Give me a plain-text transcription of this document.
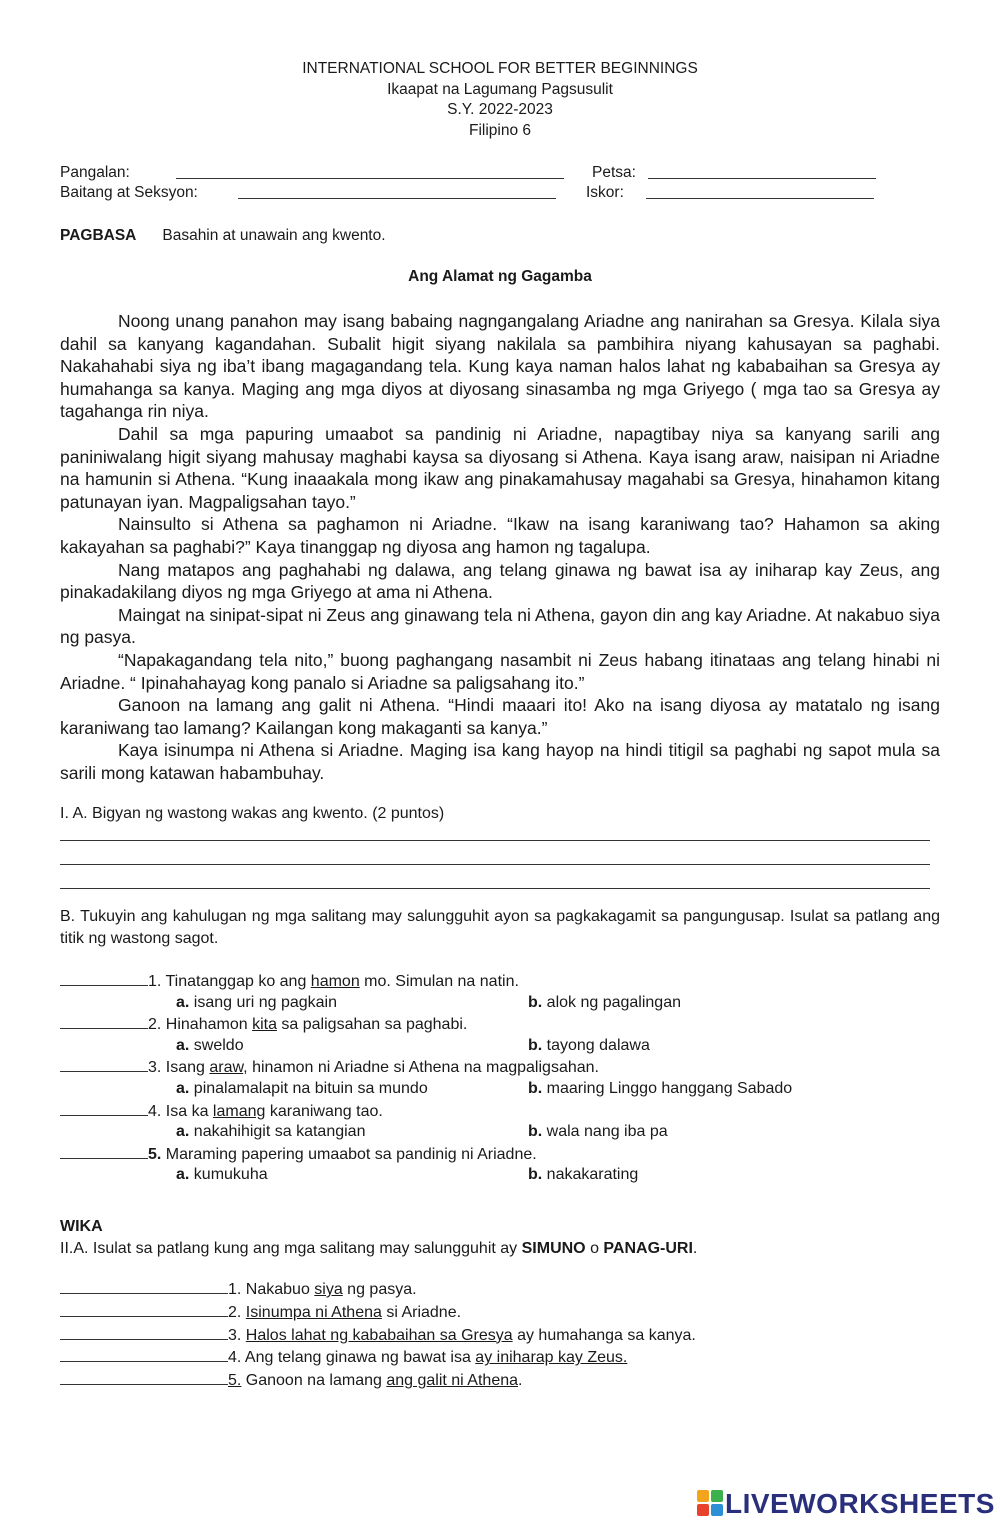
INTERNATIONAL SCHOOL FOR BETTER BEGINNINGS
Ikaapat na Lagumang Pagsusulit
S.Y. 2022-2023
Filipino 6
Pangalan:	Petsa:
Baitang at Seksyon:	Iskor:
PAGBASA Basahin at unawain ang kwento.
Ang Alamat ng Gagamba

Noong unang panahon may isang babaing nagngangalang Ariadne ang nanirahan sa Gresya. Kilala siya dahil sa kanyang kagandahan. Subalit higit siyang nakilala sa pambihira niyang kahusayan sa paghabi. Nakahahabi siya ng iba’t ibang magagandang tela. Kung kaya naman halos lahat ng kababaihan sa Gresya ay humahanga sa kanya. Maging ang mga diyos at diyosang sinasamba ng mga Griyego ( mga tao sa Gresya ay tagahanga rin niya.

Dahil sa mga papuring umaabot sa pandinig ni Ariadne, napagtibay niya sa kanyang sarili ang paniniwalang higit siyang mahusay maghabi kaysa sa diyosang si Athena. Kaya isang araw, naisipan ni Ariadne na hamunin si Athena. “Kung inaaakala mong ikaw ang pinakamahusay magahabi sa Gresya, hinahamon kitang patunayan iyan. Magpaligsahan tayo.”

Nainsulto si Athena sa paghamon ni Ariadne. “Ikaw na isang karaniwang tao? Hahamon sa aking kakayahan sa paghabi?” Kaya tinanggap ng diyosa ang hamon ng tagalupa.

Nang matapos ang paghahabi ng dalawa, ang telang ginawa ng bawat isa ay iniharap kay Zeus, ang pinakadakilang diyos ng mga Griyego at ama ni Athena.

Maingat na sinipat-sipat ni Zeus ang ginawang tela ni Athena, gayon din ang kay Ariadne. At nakabuo siya ng pasya.

“Napakagandang tela nito,” buong paghangang nasambit ni Zeus habang itinataas ang telang hinabi ni Ariadne. “ Ipinahahayag kong panalo si Ariadne sa paligsahang ito.”

Ganoon na lamang ang galit ni Athena. “Hindi maaari ito! Ako na isang diyosa ay matatalo ng isang karaniwang tao lamang? Kailangan kong makaganti sa kanya.”

Kaya isinumpa ni Athena si Ariadne. Maging isa kang hayop na hindi titigil sa paghabi ng sapot mula sa sarili mong katawan habambuhay.

I. A. Bigyan ng wastong wakas ang kwento. (2 puntos)
B. Tukuyin ang kahulugan ng mga salitang may salungguhit ayon sa pagkakagamit sa pangungusap. Isulat sa patlang ang titik ng wastong sagot.
1. Tinatanggap ko ang hamon mo. Simulan na natin.
a. isang uri ng pagkain	b. alok ng pagalingan
2. Hinahamon kita sa paligsahan sa paghabi.
a. sweldo	b. tayong dalawa
3. Isang araw, hinamon ni Ariadne si Athena na magpaligsahan.
a. pinalamalapit na bituin sa mundo	b. maaring Linggo hanggang Sabado
4. Isa ka lamang karaniwang tao.
a. nakahihigit sa katangian	b. wala nang iba pa
5. Maraming papering umaabot sa pandinig ni Ariadne.
a. kumukuha	b. nakakarating
WIKA
II.A. Isulat sa patlang kung ang mga salitang may salungguhit ay SIMUNO o PANAG-URI.
1. Nakabuo siya ng pasya.
2. Isinumpa ni Athena si Ariadne.
3. Halos lahat ng kababaihan sa Gresya ay humahanga sa kanya.
4. Ang telang ginawa ng bawat isa ay iniharap kay Zeus.
5. Ganoon na lamang ang galit ni Athena.
LIVEWORKSHEETS
